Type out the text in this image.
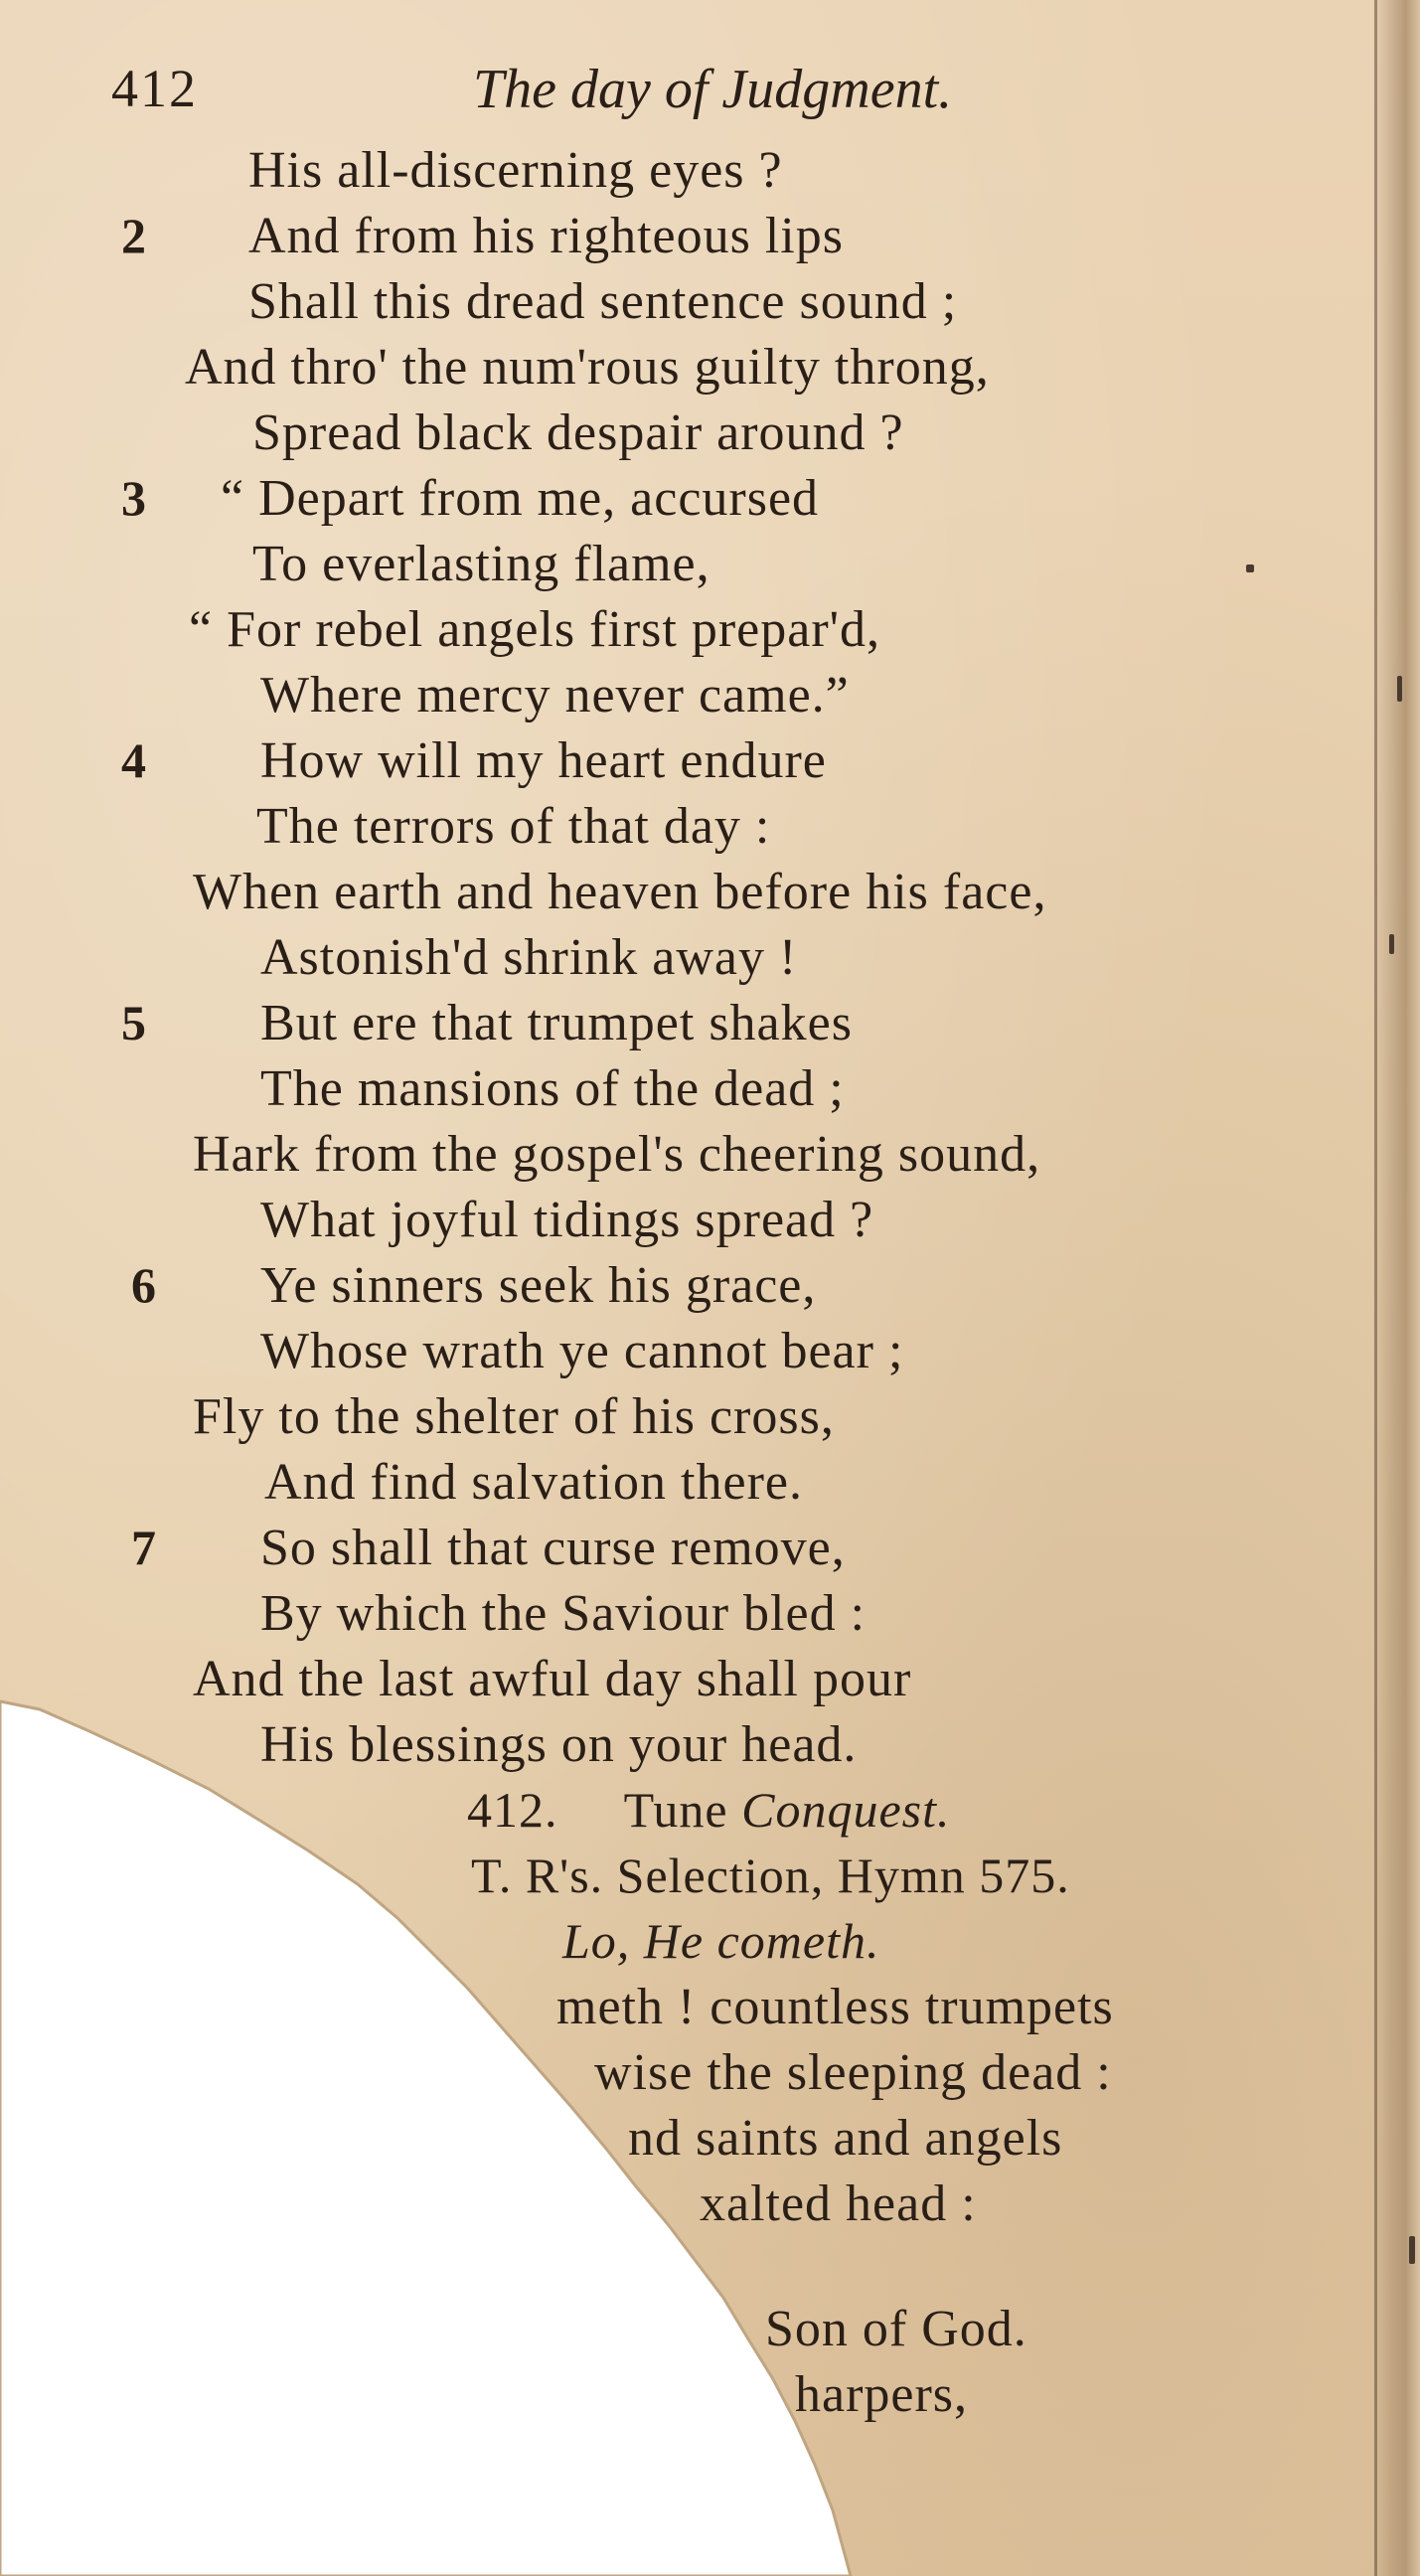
412	The day of Judgment.
His all-discerning eyes ?
2 And from his righteous lips
Shall this dread sentence sound ;
And thro' the num'rous guilty throng,
Spread black despair around ?
3 “ Depart from me, accursed
To everlasting flame,
“ For rebel angels first prepar'd,
Where mercy never came.”
4 How will my heart endure
The terrors of that day :
When earth and heaven before his face,
Astonish'd shrink away !
5 But ere that trumpet shakes
The mansions of the dead ;
Hark from the gospel's cheering sound,
What joyful tidings spread ?
6 Ye sinners seek his grace,
Whose wrath ye cannot bear ;
Fly to the shelter of his cross,
And find salvation there.
7 So shall that curse remove,
By which the Saviour bled :
And the last awful day shall pour
His blessings on your head.
412. Tune Conquest.
T. R's. Selection, Hymn 575.
Lo, He cometh.
meth ! countless trumpets
wise the sleeping dead :
nd saints and angels
xalted head :
Son of God.
harpers,
